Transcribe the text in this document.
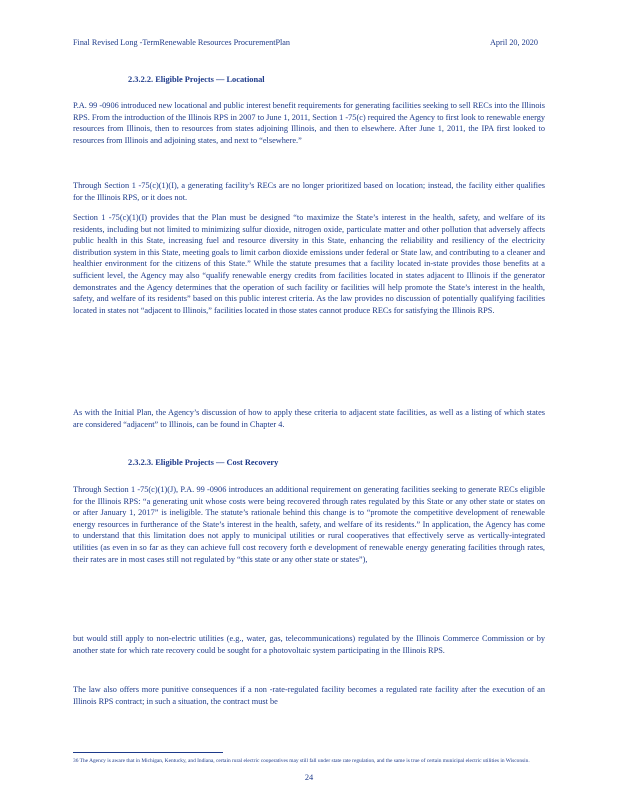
Final Revised Long -TermRenewable Resources ProcurementPlan	April 20, 2020
2.3.2.2. Eligible Projects — Locational

P.A. 99 -0906 introduced new locational and public interest benefit requirements for generating facilities seeking to sell RECs into the Illinois RPS. From the introduction of the Illinois RPS in 2007 to June 1, 2011, Section 1 -75(c) required the Agency to first look to renewable energy resources from Illinois, then to resources from states adjoining Illinois, and then to elsewhere. After June 1, 2011, the IPA first looked to resources from Illinois and adjoining states, and next to “elsewhere.”

Through Section 1 -75(c)(1)(I), a generating facility’s RECs are no longer prioritized based on location; instead, the facility either qualifies for the Illinois RPS, or it does not.

Section 1 -75(c)(1)(I) provides that the Plan must be designed “to maximize the State’s interest in the health, safety, and welfare of its residents, including but not limited to minimizing sulfur dioxide, nitrogen oxide, particulate matter and other pollution that adversely affects public health in this State, increasing fuel and resource diversity in this State, enhancing the reliability and resiliency of the electricity distribution system in this State, meeting goals to limit carbon dioxide emissions under federal or State law, and contributing to a cleaner and healthier environment for the citizens of this State.” While the statute presumes that a facility located in-state provides those benefits at a sufficient level, the Agency may also “qualify renewable energy credits from facilities located in states adjacent to Illinois if the generator demonstrates and the Agency determines that the operation of such facility or facilities will help promote the State’s interest in the health, safety, and welfare of its residents” based on this public interest criteria. As the law provides no discussion of potentially qualifying facilities located in states not “adjacent to Illinois,” facilities located in those states cannot produce RECs for satisfying the Illinois RPS.

As with the Initial Plan, the Agency’s discussion of how to apply these criteria to adjacent state facilities, as well as a listing of which states are considered “adjacent” to Illinois, can be found in Chapter 4.

2.3.2.3. Eligible Projects — Cost Recovery

Through Section 1 -75(c)(1)(J), P.A. 99 -0906 introduces an additional requirement on generating facilities seeking to generate RECs eligible for the Illinois RPS: “a generating unit whose costs were being recovered through rates regulated by this State or any other state or states on or after January 1, 2017” is ineligible. The statute’s rationale behind this change is to “promote the competitive development of renewable energy resources in furtherance of the State’s interest in the health, safety, and welfare of its residents.” In application, the Agency has come to understand that this limitation does not apply to municipal utilities or rural cooperatives that effectively serve as vertically-integrated utilities (as even in so far as they can achieve full cost recovery forth e development of renewable energy generating facilities through rates, their rates are in most cases still not regulated by “this state or any other state or states”),

but would still apply to non-electric utilities (e.g., water, gas, telecommunications) regulated by the Illinois Commerce Commission or by another state for which rate recovery could be sought for a photovoltaic system participating in the Illinois RPS.

The law also offers more punitive consequences if a non -rate-regulated facility becomes a regulated rate facility after the execution of an Illinois RPS contract; in such a situation, the contract must be

36 The Agency is aware that in Michigan, Kentucky, and Indiana, certain rural electric cooperatives may still fall under state rate regulation, and the same is true of certain municipal electric utilities in Wisconsin.

24
